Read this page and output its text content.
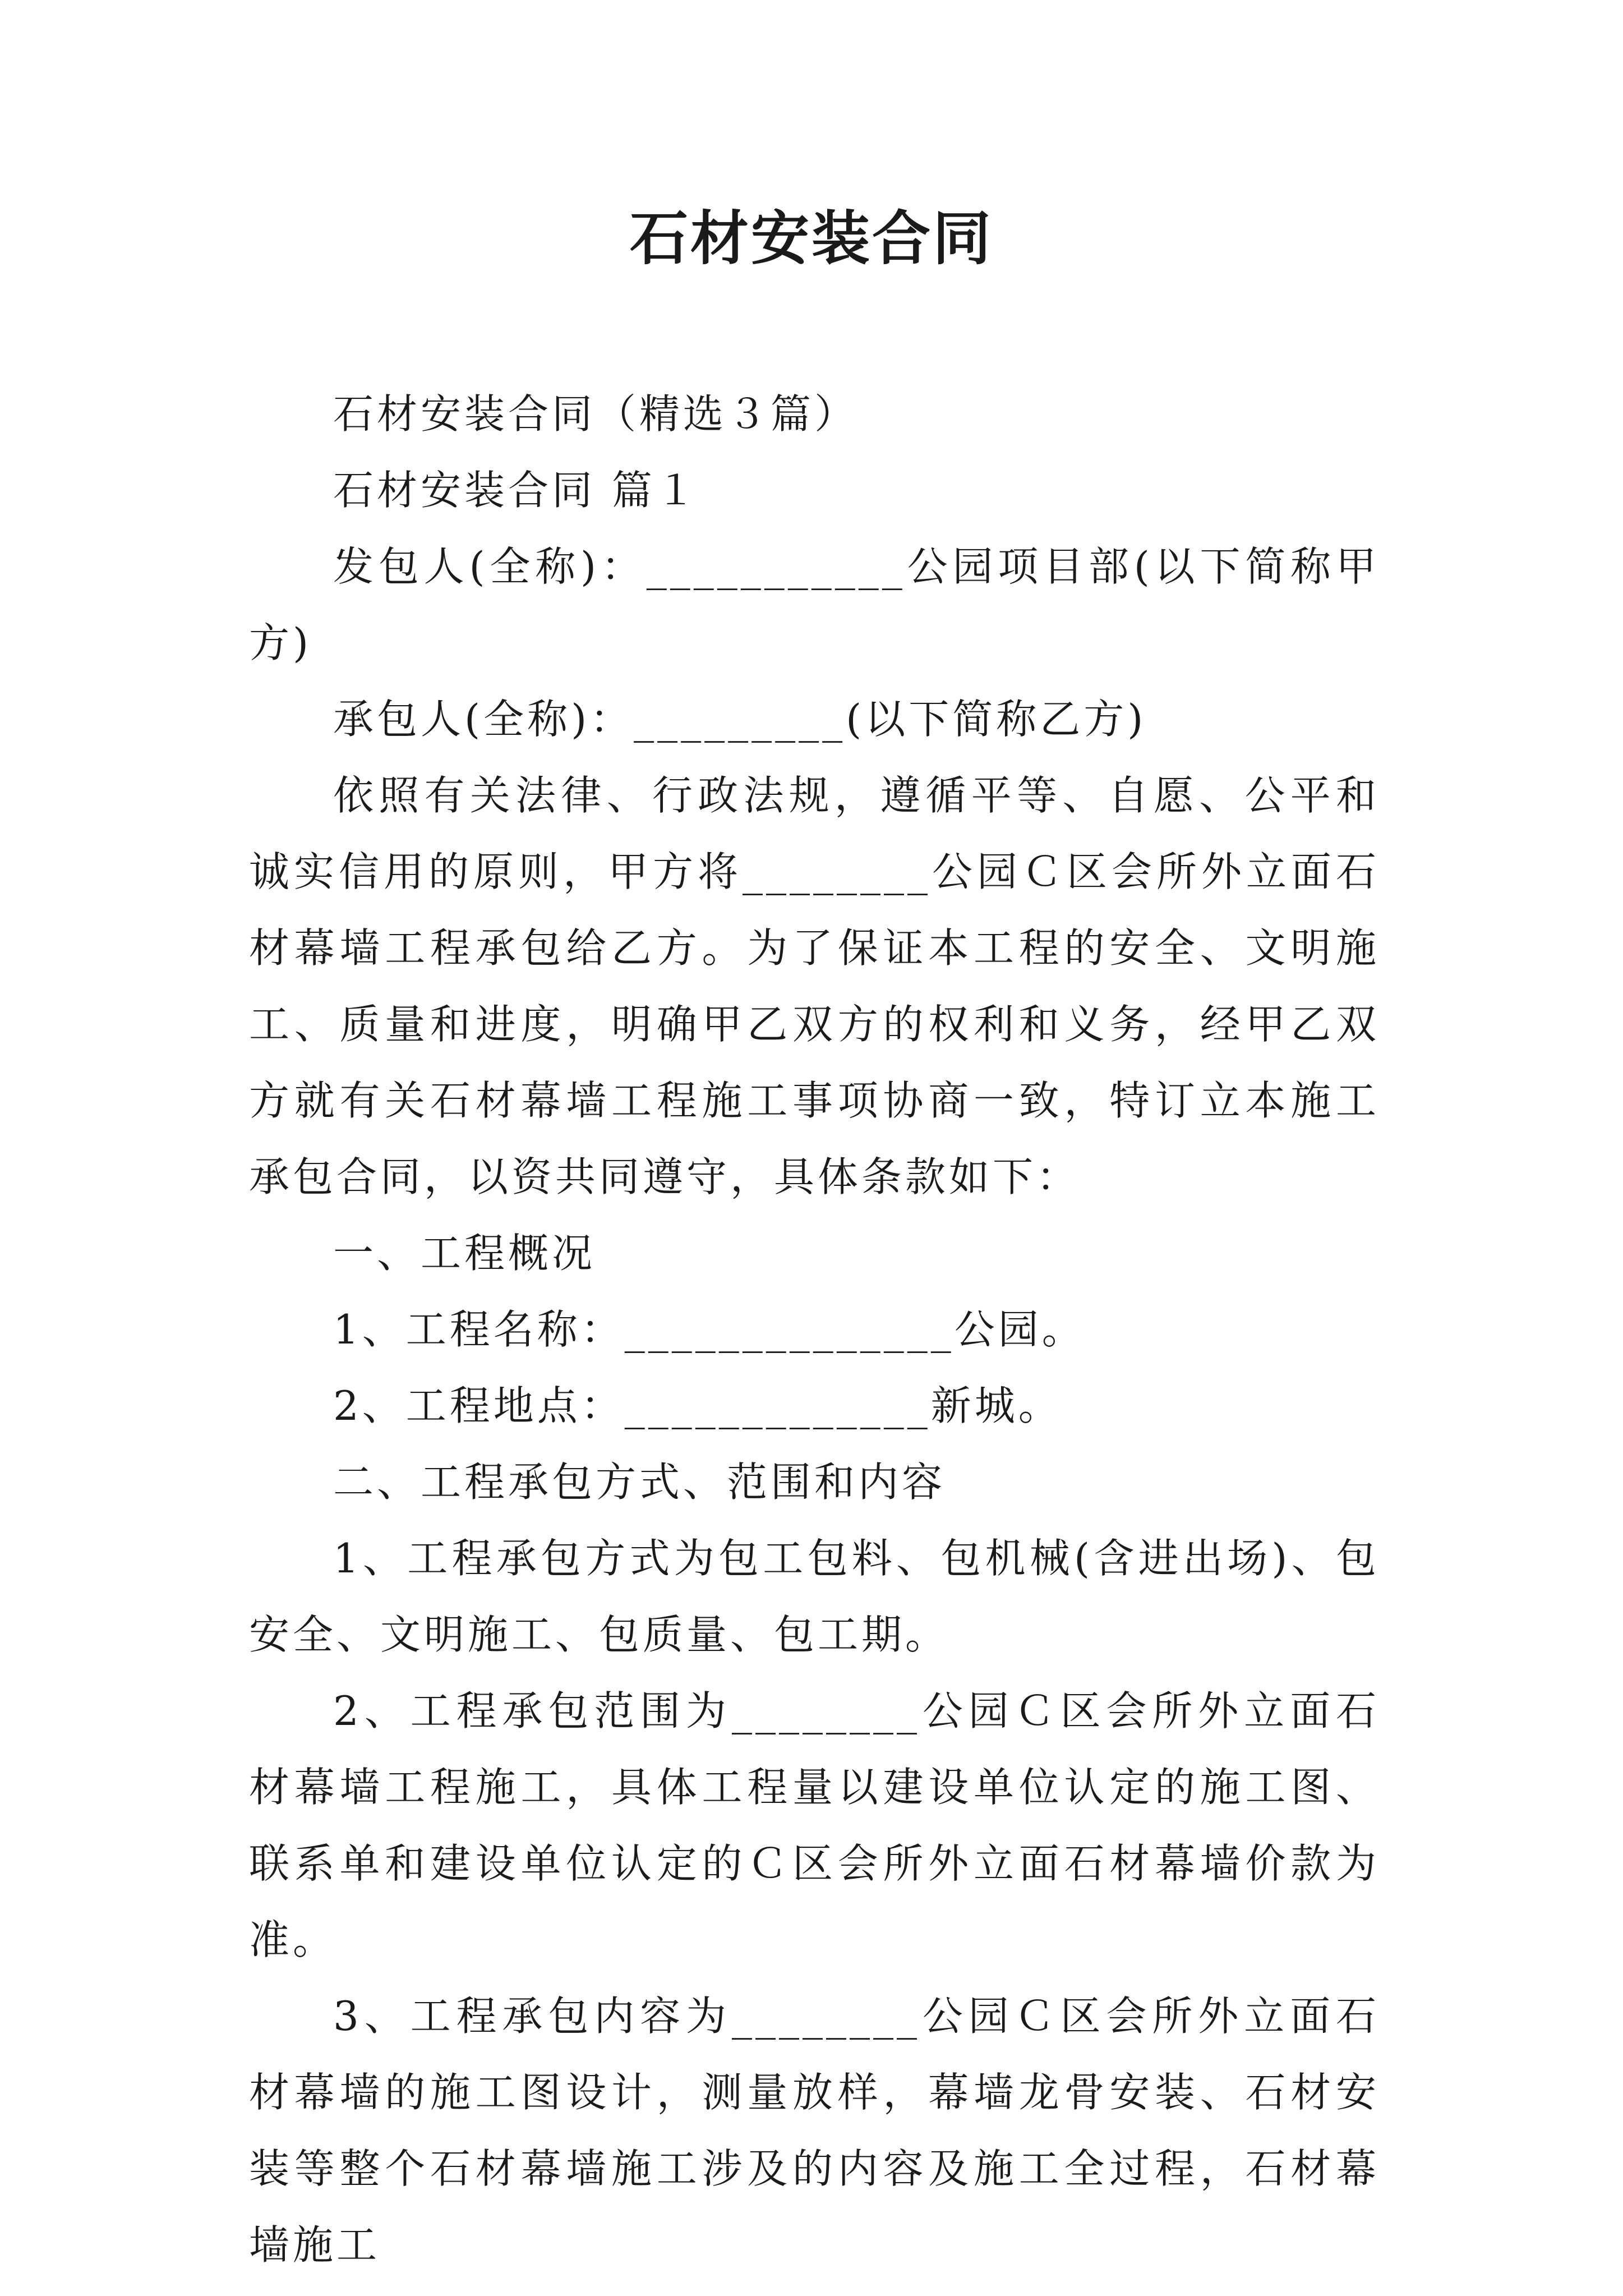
石材安装合同

石材安装合同（精选３篇）

石材安装合同 篇１

发包人(全称)：___________公园项目部(以下简称甲方)

承包人(全称)：_________(以下简称乙方)

依照有关法律、行政法规，遵循平等、自愿、公平和诚实信用的原则，甲方将________公园Ｃ区会所外立面石材幕墙工程承包给乙方。为了保证本工程的安全、文明施工、质量和进度，明确甲乙双方的权利和义务，经甲乙双方就有关石材幕墙工程施工事项协商一致，特订立本施工承包合同，以资共同遵守，具体条款如下：

一、工程概况

1、工程名称：______________公园。

2、工程地点：_____________新城。

二、工程承包方式、范围和内容

1、工程承包方式为包工包料、包机械(含进出场)、包安全、文明施工、包质量、包工期。

2、工程承包范围为________公园Ｃ区会所外立面石材幕墙工程施工，具体工程量以建设单位认定的施工图、联系单和建设单位认定的Ｃ区会所外立面石材幕墙价款为准。

3、工程承包内容为________公园Ｃ区会所外立面石材幕墙的施工图设计，测量放样，幕墙龙骨安装、石材安装等整个石材幕墙施工涉及的内容及施工全过程，石材幕墙施工
